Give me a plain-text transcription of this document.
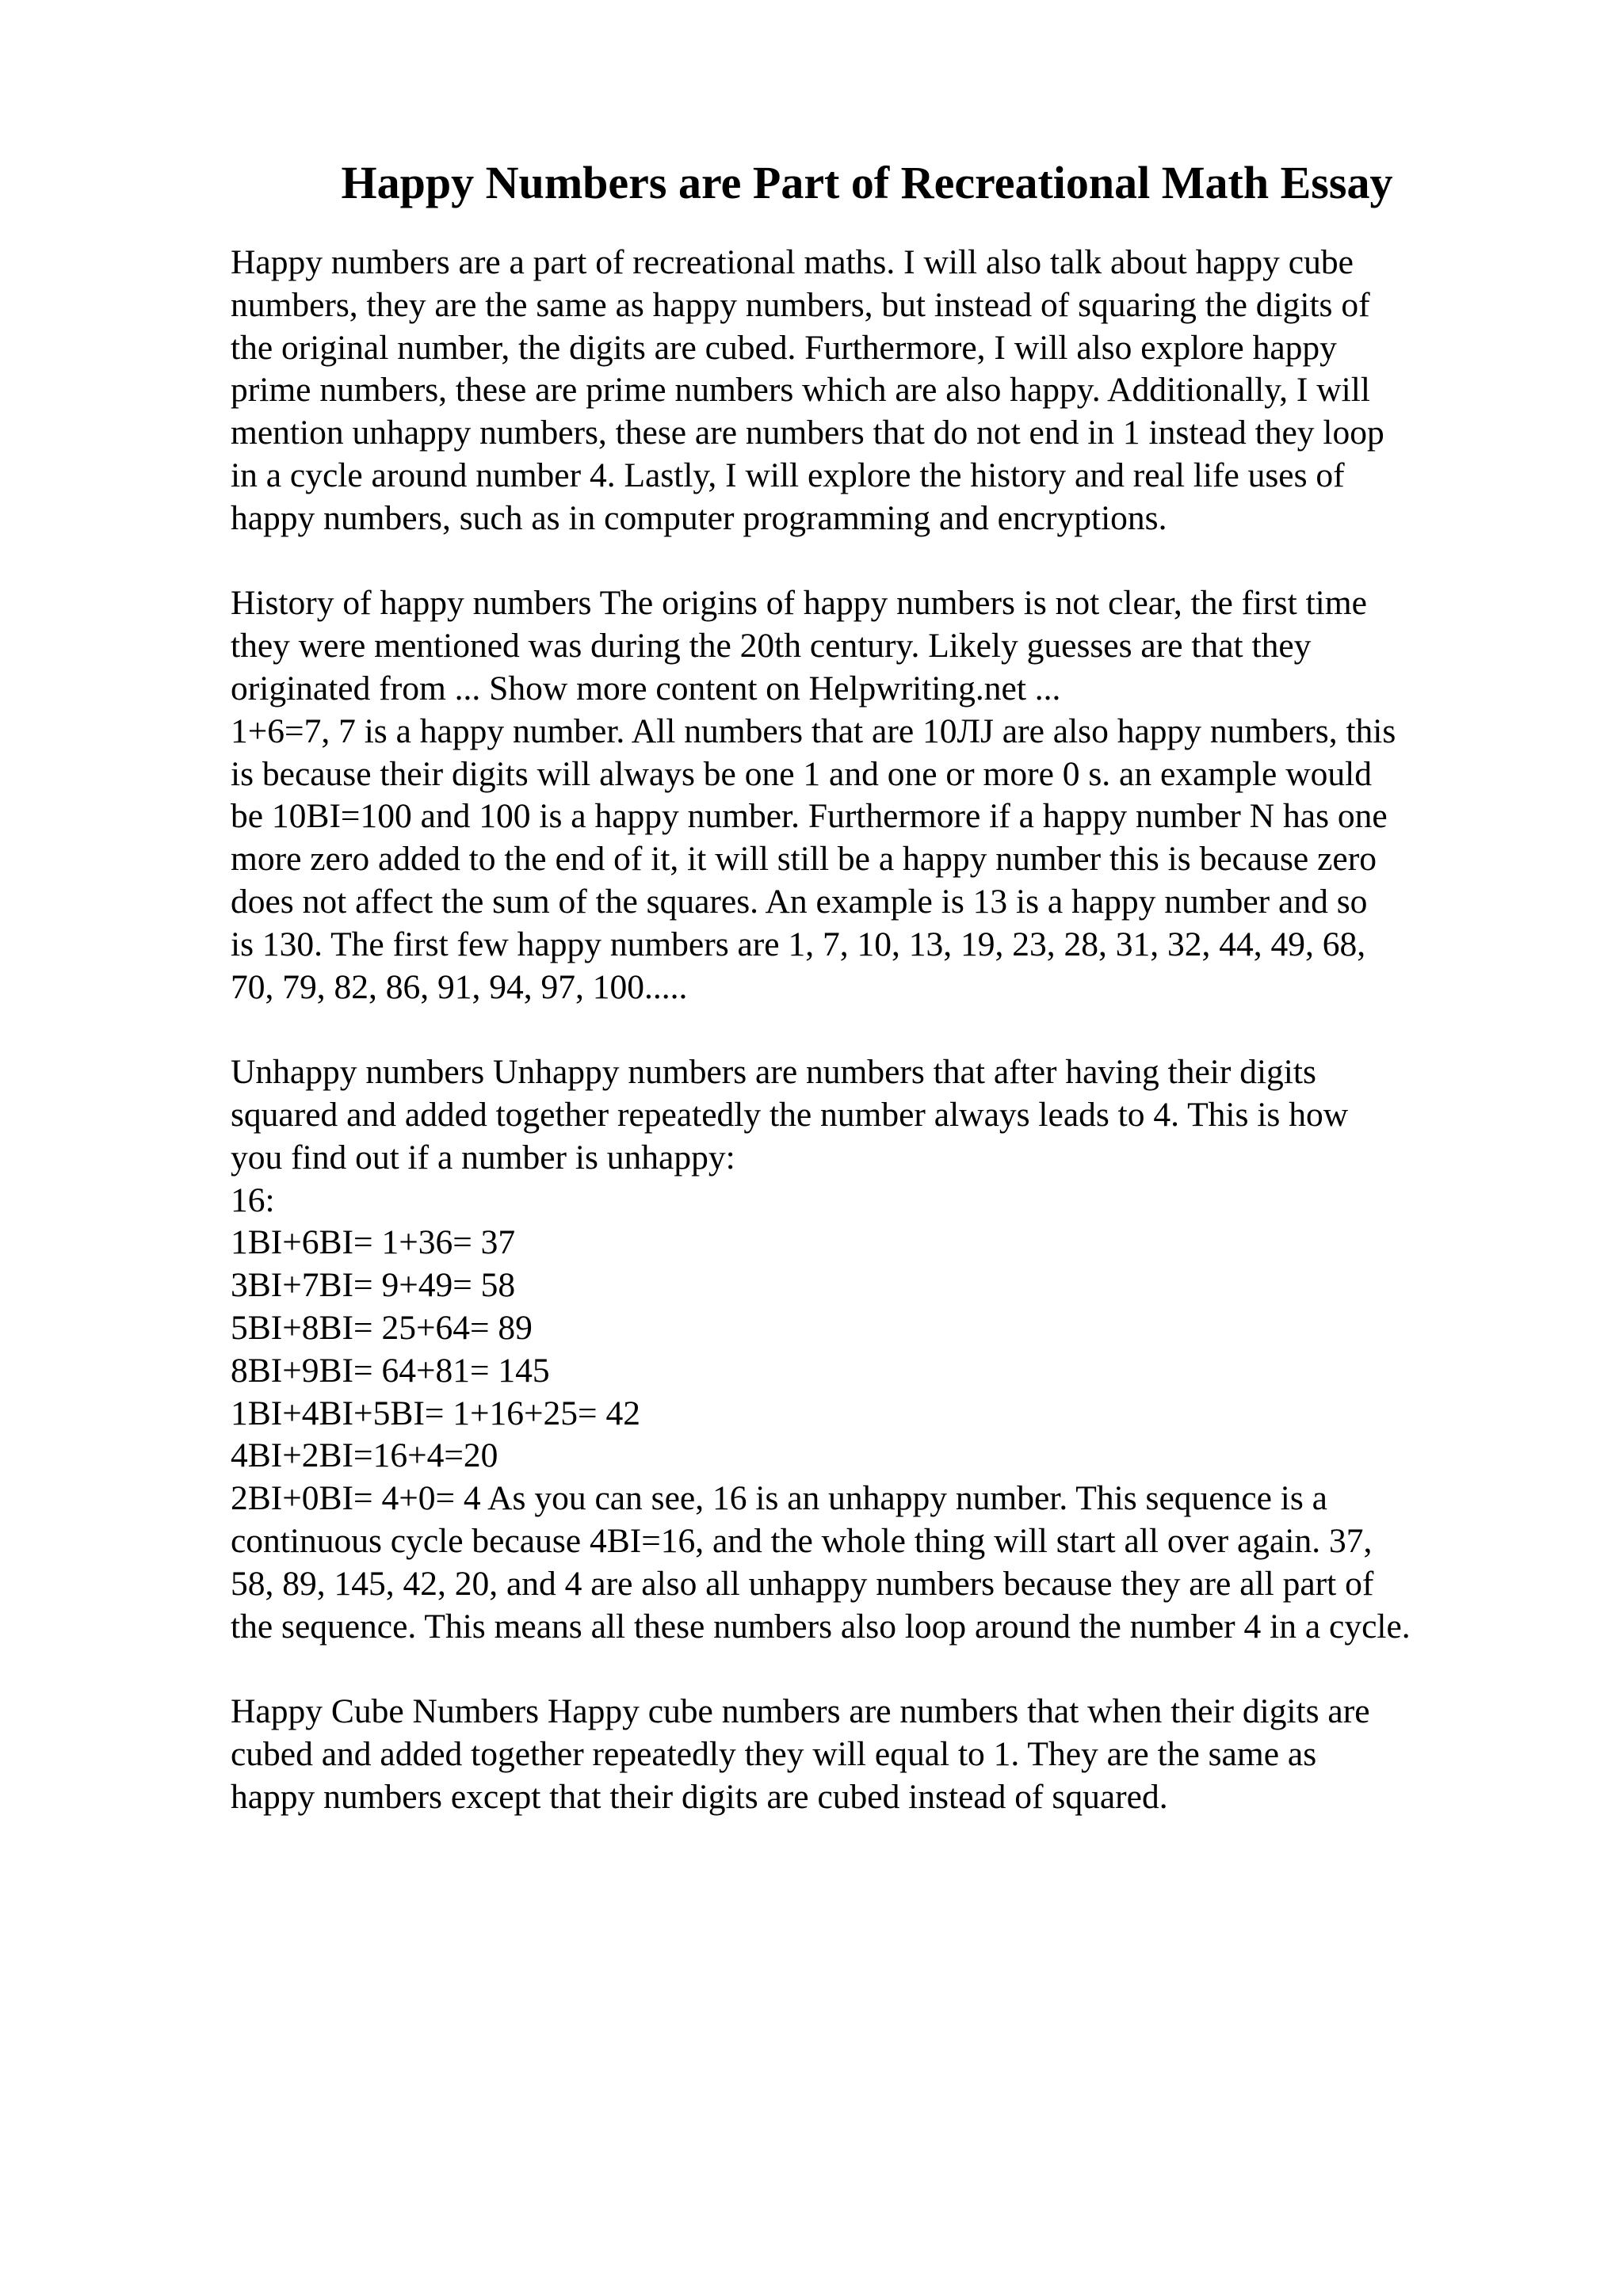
Happy Numbers are Part of Recreational Math Essay
Happy numbers are a part of recreational maths. I will also talk about happy cube
numbers, they are the same as happy numbers, but instead of squaring the digits of
the original number, the digits are cubed. Furthermore, I will also explore happy
prime numbers, these are prime numbers which are also happy. Additionally, I will
mention unhappy numbers, these are numbers that do not end in 1 instead they loop
in a cycle around number 4. Lastly, I will explore the history and real life uses of
happy numbers, such as in computer programming and encryptions.
History of happy numbers The origins of happy numbers is not clear, the first time
they were mentioned was during the 20th century. Likely guesses are that they
originated from ... Show more content on Helpwriting.net ...
1+6=7, 7 is a happy number. All numbers that are 10ЛЈ are also happy numbers, this
is because their digits will always be one 1 and one or more 0 s. an example would
be 10BI=100 and 100 is a happy number. Furthermore if a happy number N has one
more zero added to the end of it, it will still be a happy number this is because zero
does not affect the sum of the squares. An example is 13 is a happy number and so
is 130. The first few happy numbers are 1, 7, 10, 13, 19, 23, 28, 31, 32, 44, 49, 68,
70, 79, 82, 86, 91, 94, 97, 100.....
Unhappy numbers Unhappy numbers are numbers that after having their digits
squared and added together repeatedly the number always leads to 4. This is how
you find out if a number is unhappy:
16:
1BI+6BI= 1+36= 37
3BI+7BI= 9+49= 58
5BI+8BI= 25+64= 89
8BI+9BI= 64+81= 145
1BI+4BI+5BI= 1+16+25= 42
4BI+2BI=16+4=20
2BI+0BI= 4+0= 4 As you can see, 16 is an unhappy number. This sequence is a
continuous cycle because 4BI=16, and the whole thing will start all over again. 37,
58, 89, 145, 42, 20, and 4 are also all unhappy numbers because they are all part of
the sequence. This means all these numbers also loop around the number 4 in a cycle.
Happy Cube Numbers Happy cube numbers are numbers that when their digits are
cubed and added together repeatedly they will equal to 1. They are the same as
happy numbers except that their digits are cubed instead of squared.
